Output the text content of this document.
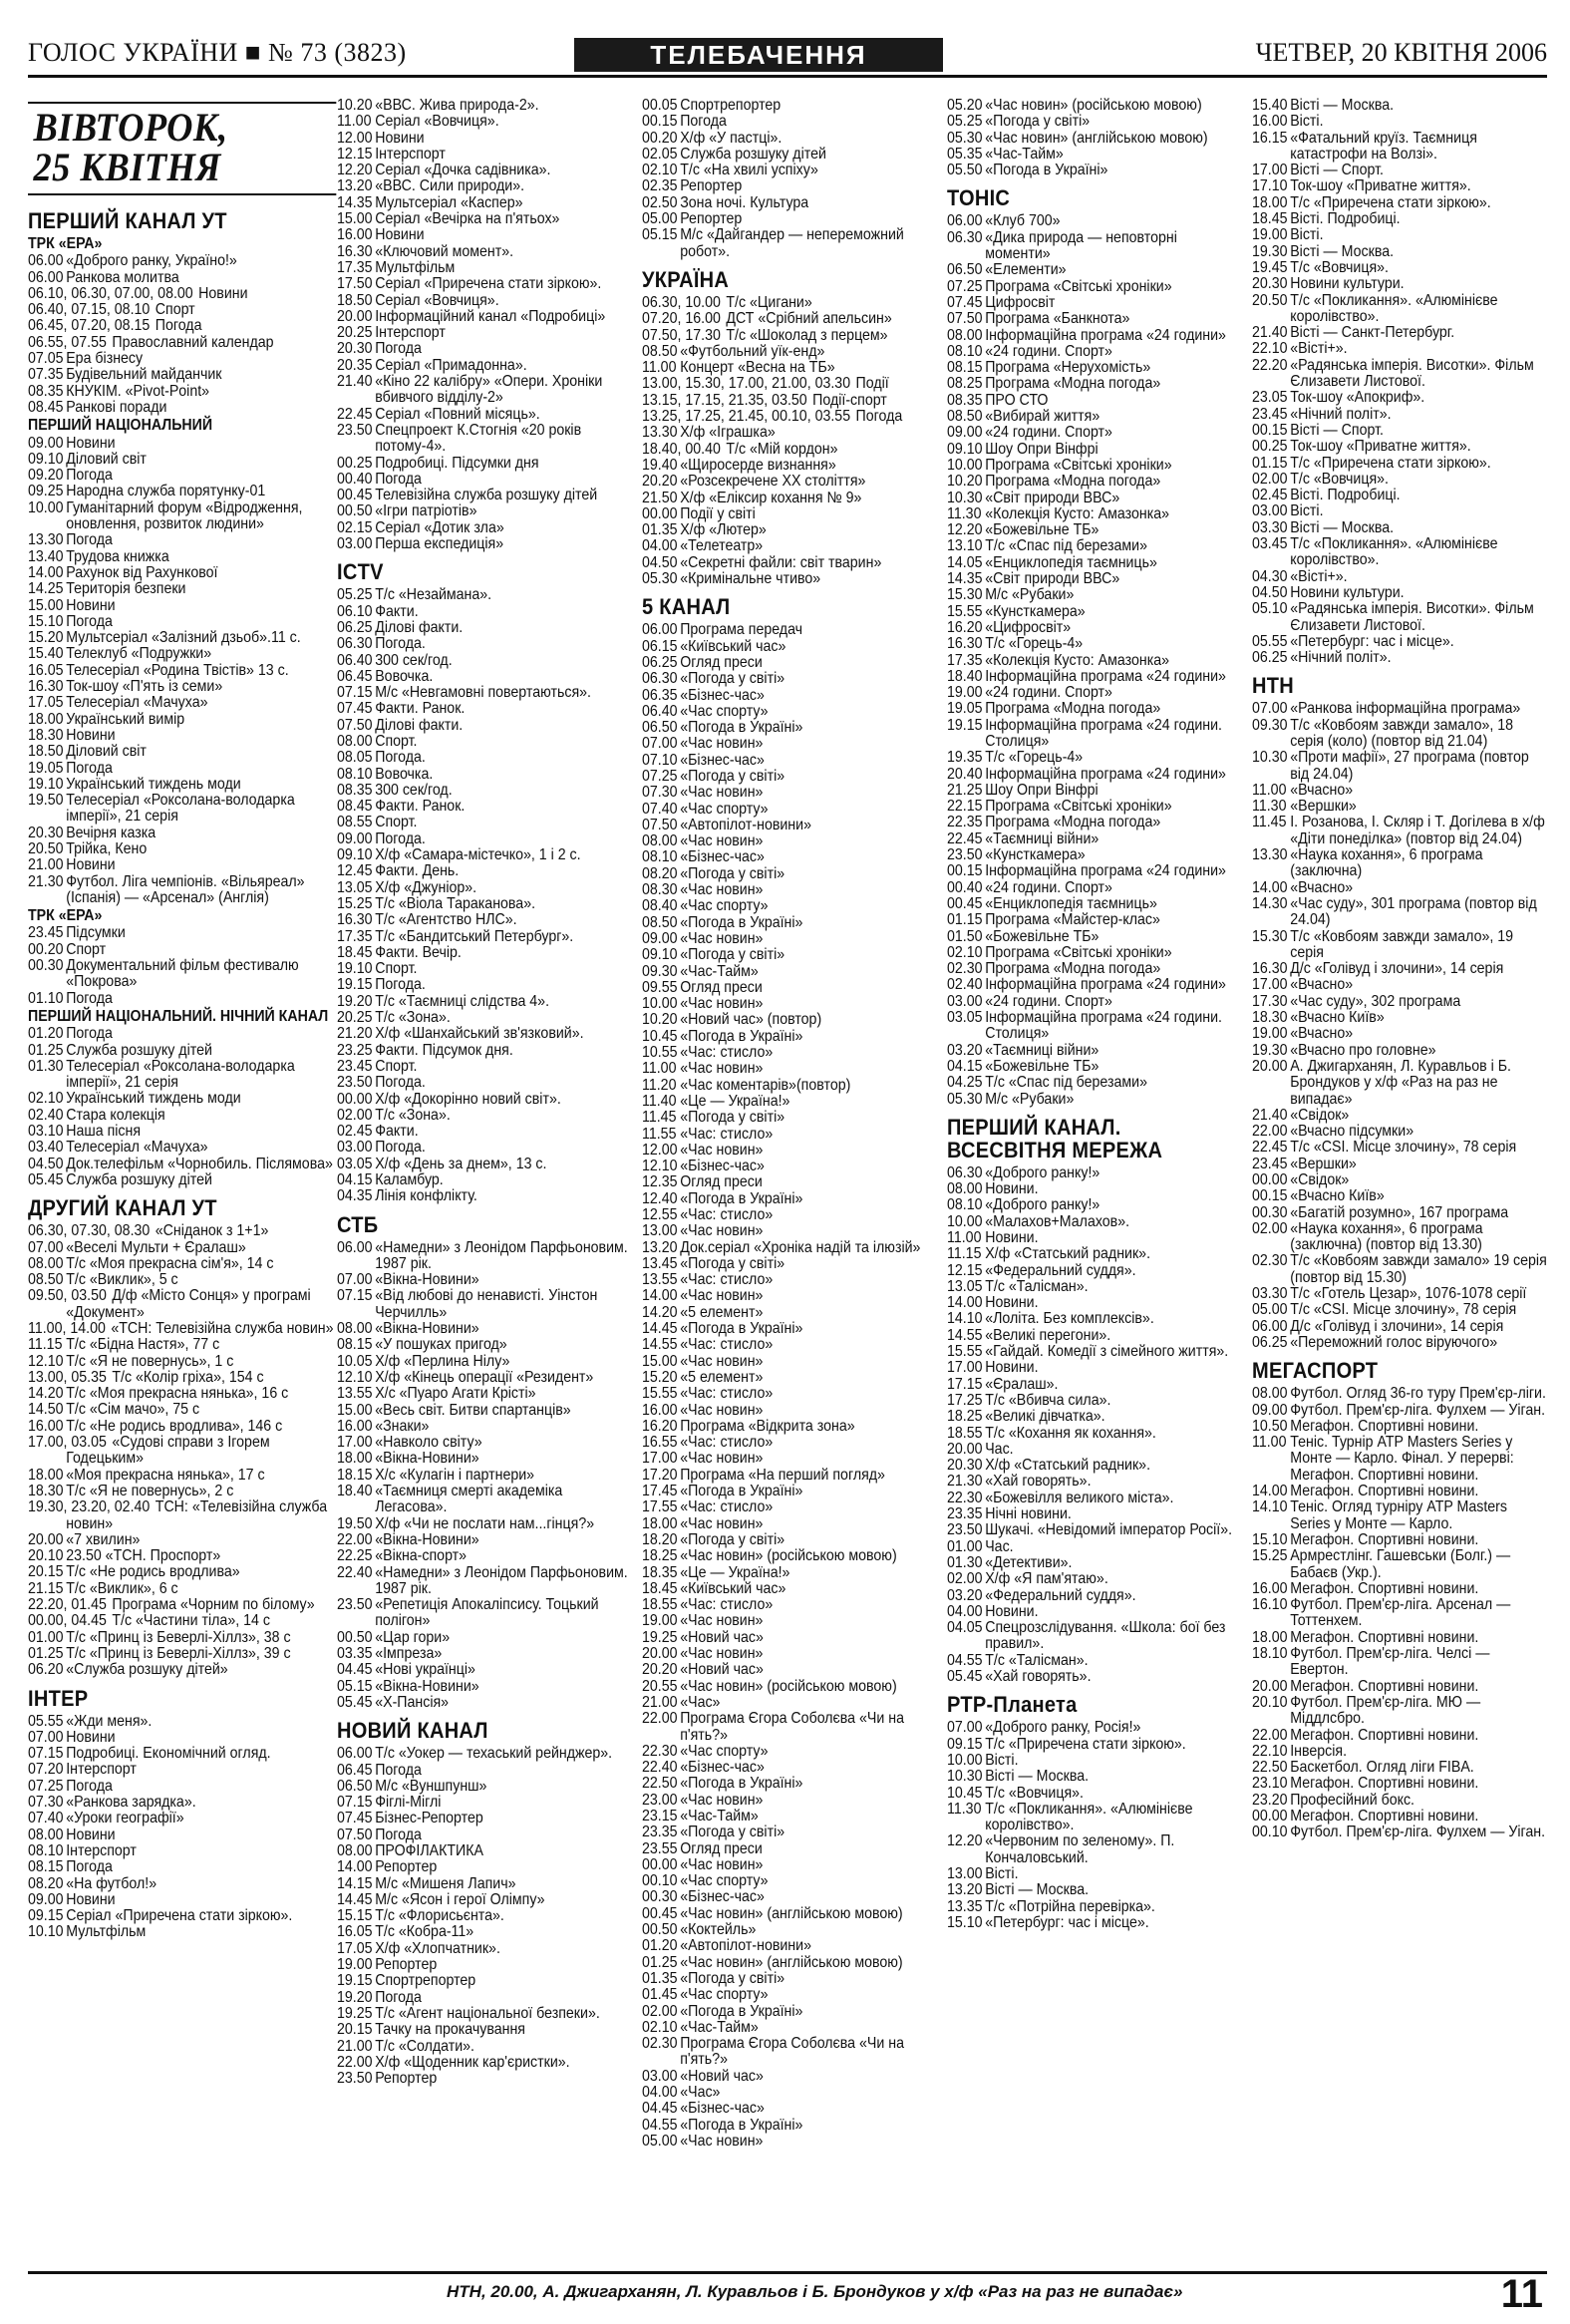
ГОЛОС УКРАЇНИ ■ № 73 (3823)	ТЕЛЕБАЧЕННЯ	ЧЕТВЕР, 20 КВІТНЯ 2006
ВІВТОРОК,
25 КВІТНЯ
ПЕРШИЙ КАНАЛ УТ
ТРК «ЕРА»
06.00 «Доброго ранку, Україно!»
06.00 Ранкова молитва
06.10, 06.30, 07.00, 08.00 Новини
06.40, 07.15, 08.10 Спорт
06.45, 07.20, 08.15 Погода
06.55, 07.55 Православний календар
07.05 Ера бізнесу
07.35 Будівельний майданчик
08.35 КНУКІМ. «Pivot-Point»
08.45 Ранкові поради
ПЕРШИЙ НАЦІОНАЛЬНИЙ
09.00 Новини
09.10 Діловий світ
09.20 Погода
09.25 Народна служба порятунку-01
10.00 Гуманітарний форум «Відродження, оновлення, розвиток людини»
13.30 Погода
13.40 Трудова книжка
14.00 Рахунок від Рахункової
14.25 Територія безпеки
15.00 Новини
15.10 Погода
15.20 Мультсеріал «Залізний дзьоб».11 с.
15.40 Телеклуб «Подружки»
16.05 Телесеріал «Родина Твістів» 13 с.
16.30 Ток-шоу «П'ять із семи»
17.05 Телесеріал «Мачуха»
18.00 Український вимір
18.30 Новини
18.50 Діловий світ
19.05 Погода
19.10 Український тиждень моди
19.50 Телесеріал «Роксолана-володарка імперії», 21 серія
20.30 Вечірня казка
20.50 Трійка, Кено
21.00 Новини
21.30 Футбол. Ліга чемпіонів. «Вільяреал» (Іспанія) — «Арсенал» (Англія)
ТРК «ЕРА»
23.45 Підсумки
00.20 Спорт
00.30 Документальний фільм фестивалю «Покрова»
01.10 Погода
ПЕРШИЙ НАЦІОНАЛЬНИЙ. НІЧНИЙ КАНАЛ
01.20 Погода
01.25 Служба розшуку дітей
01.30 Телесеріал «Роксолана-володарка імперії», 21 серія
02.10 Український тиждень моди
02.40 Стара колекція
03.10 Наша пісня
03.40 Телесеріал «Мачуха»
04.50 Док.телефільм «Чорнобиль. Післямова»
05.45 Служба розшуку дітей
ДРУГИЙ КАНАЛ УТ
06.30, 07.30, 08.30 «Сніданок з 1+1»
07.00 «Веселі Мульти + Єралаш»
08.00 Т/с «Моя прекрасна сім'я», 14 с
08.50 Т/с «Виклик», 5 с
09.50, 03.50 Д/ф «Місто Сонця» у програмі «Документ»
11.00, 14.00 «ТСН: Телевізійна служба новин»
11.15 Т/с «Бідна Настя», 77 с
12.10 Т/с «Я не повернусь», 1 с
13.00, 05.35 Т/с «Колір гріха», 154 с
14.20 Т/с «Моя прекрасна нянька», 16 с
14.50 Т/с «Сім мачо», 75 с
16.00 Т/с «Не родись вродлива», 146 с
17.00, 03.05 «Судові справи з Ігорем Годецьким»
18.00 «Моя прекрасна нянька», 17 с
18.30 Т/с «Я не повернусь», 2 с
19.30, 23.20, 02.40 ТСН: «Телевізійна служба новин»
20.00 «7 хвилин»
20.10 23.50 «ТСН. Проспорт»
20.15 Т/с «Не родись вродлива»
21.15 Т/с «Виклик», 6 с
22.20, 01.45 Програма «Чорним по білому»
00.00, 04.45 Т/с «Частини тіла», 14 с
01.00 Т/с «Принц із Беверлі-Хіллз», 38 с
01.25 Т/с «Принц із Беверлі-Хіллз», 39 с
06.20 «Служба розшуку дітей»
ІНТЕР
05.55 «Жди меня».
07.00 Новини
07.15 Подробиці. Економічний огляд.
07.20 Інтерспорт
07.25 Погода
07.30 «Ранкова зарядка».
07.40 «Уроки географії»
08.00 Новини
08.10 Інтерспорт
08.15 Погода
08.20 «На футбол!»
09.00 Новини
09.15 Серіал «Приречена стати зіркою».
10.10 Мультфільм
10.20 «ВВС. Жива природа-2».
11.00 Серіал «Вовчиця».
12.00 Новини
12.15 Інтерспорт
12.20 Серіал «Дочка садівника».
13.20 «ВВС. Сили природи».
14.35 Мультсеріал «Каспер»
15.00 Серіал «Вечірка на п'ятьох»
16.00 Новини
16.30 «Ключовий момент».
17.35 Мультфільм
17.50 Серіал «Приречена стати зіркою».
18.50 Серіал «Вовчиця».
20.00 Інформаційний канал «Подробиці»
20.25 Інтерспорт
20.30 Погода
20.35 Серіал «Примадонна».
21.40 «Кіно 22 калібру» «Опери. Хроніки вбивчого відділу-2»
22.45 Серіал «Повний місяць».
23.50 Спецпроект К.Стогнія «20 років потому-4».
00.25 Подробиці. Підсумки дня
00.40 Погода
00.45 Телевізійна служба розшуку дітей
00.50 «Ігри патріотів»
02.15 Серіал «Дотик зла»
03.00 Перша експедиція»
ICTV
05.25 Т/с «Незаймана».
06.10 Факти.
06.25 Ділові факти.
06.30 Погода.
06.40 300 сек/год.
06.45 Вовочка.
07.15 М/с «Невгамовні повертаються».
07.45 Факти. Ранок.
07.50 Ділові факти.
08.00 Спорт.
08.05 Погода.
08.10 Вовочка.
08.35 300 сек/год.
08.45 Факти. Ранок.
08.55 Спорт.
09.00 Погода.
09.10 Х/ф «Самара-містечко», 1 і 2 с.
12.45 Факти. День.
13.05 Х/ф «Джуніор».
15.25 Т/с «Віола Тараканова».
16.30 Т/с «Агентство НЛС».
17.35 Т/с «Бандитський Петербург».
18.45 Факти. Вечір.
19.10 Спорт.
19.15 Погода.
19.20 Т/с «Таємниці слідства 4».
20.25 Т/с «Зона».
21.20 Х/ф «Шанхайський зв'язковий».
23.25 Факти. Підсумок дня.
23.45 Спорт.
23.50 Погода.
00.00 Х/ф «Докорінно новий світ».
02.00 Т/с «Зона».
02.45 Факти.
03.00 Погода.
03.05 Х/ф «День за днем», 13 с.
04.15 Каламбур.
04.35 Лінія конфлікту.
СТБ
06.00 «Намедни» з Леонідом Парфьоновим. 1987 рік.
07.00 «Вікна-Новини»
07.15 «Від любові до ненависті. Уінстон Черчилль»
08.00 «Вікна-Новини»
08.15 «У пошуках пригод»
10.05 Х/ф «Перлина Нілу»
12.10 Х/ф «Кінець операції «Резидент»
13.55 Х/с «Пуаро Агати Крісті»
15.00 «Весь світ. Битви спартанців»
16.00 «Знаки»
17.00 «Навколо світу»
18.00 «Вікна-Новини»
18.15 Х/с «Кулагін і партнери»
18.40 «Таємниця смерті академіка Легасова».
19.50 Х/ф «Чи не послати нам...гінця?»
22.00 «Вікна-Новини»
22.25 «Вікна-спорт»
22.40 «Намедни» з Леонідом Парфьоновим. 1987 рік.
23.50 «Репетиція Апокаліпсису. Тоцький полігон»
00.50 «Цар гори»
03.35 «Імпреза»
04.45 «Нові українці»
05.15 «Вікна-Новини»
05.45 «Х-Пансія»
НОВИЙ КАНАЛ
06.00 Т/с «Уокер — техаський рейнджер».
06.45 Погода
06.50 М/с «Вуншпунш»
07.15 Фіглі-Міглі
07.45 Бізнес-Репортер
07.50 Погода
08.00 ПРОФІЛАКТИКА
14.00 Репортер
14.15 М/с «Мишеня Лапич»
14.45 М/с «Ясон і герої Олімпу»
15.15 Т/с «Флорисьєнта».
16.05 Т/с «Кобра-11»
17.05 Х/ф «Хлопчатник».
19.00 Репортер
19.15 Спортрепортер
19.20 Погода
19.25 Т/с «Агент національної безпеки».
20.15 Тачку на прокачування
21.00 Т/с «Солдати».
22.00 Х/ф «Щоденник кар'єристки».
23.50 Репортер
00.05 Спортрепортер
00.15 Погода
00.20 Х/ф «У пастці».
02.05 Служба розшуку дітей
02.10 Т/с «На хвилі успіху»
02.35 Репортер
02.50 Зона ночі. Культура
05.00 Репортер
05.15 М/с «Дайгандер — непереможний робот».
УКРАЇНА
06.30, 10.00 Т/с «Цигани»
07.20, 16.00 ДСТ «Срібний апельсин»
07.50, 17.30 Т/с «Шоколад з перцем»
08.50 «Футбольний уїк-енд»
11.00 Концерт «Весна на ТБ»
13.00, 15.30, 17.00, 21.00, 03.30 Події
13.15, 17.15, 21.35, 03.50 Події-спорт
13.25, 17.25, 21.45, 00.10, 03.55 Погода
13.30 Х/ф «Іграшка»
18.40, 00.40 Т/с «Мій кордон»
19.40 «Щиросерде визнання»
20.20 «Розсекречене XX століття»
21.50 Х/ф «Еліксир кохання № 9»
00.00 Події у світі
01.35 Х/ф «Лютер»
04.00 «Телетеатр»
04.50 «Секретні файли: світ тварин»
05.30 «Кримінальне чтиво»
5 КАНАЛ
06.00 Програма передач
06.15 «Київський час»
06.25 Огляд преси
06.30 «Погода у світі»
06.35 «Бізнес-час»
06.40 «Час спорту»
06.50 «Погода в Україні»
07.00 «Час новин»
07.10 «Бізнес-час»
07.25 «Погода у світі»
07.30 «Час новин»
07.40 «Час спорту»
07.50 «Автопілот-новини»
08.00 «Час новин»
08.10 «Бізнес-час»
08.20 «Погода у світі»
08.30 «Час новин»
08.40 «Час спорту»
08.50 «Погода в Україні»
09.00 «Час новин»
09.10 «Погода у світі»
09.30 «Час-Тайм»
09.55 Огляд преси
10.00 «Час новин»
10.20 «Новий час» (повтор)
10.45 «Погода в Україні»
10.55 «Час: стисло»
11.00 «Час новин»
11.20 «Час коментарів»(повтор)
11.40 «Це — Україна!»
11.45 «Погода у світі»
11.55 «Час: стисло»
12.00 «Час новин»
12.10 «Бізнес-час»
12.35 Огляд преси
12.40 «Погода в Україні»
12.55 «Час: стисло»
13.00 «Час новин»
13.20 Док.серіал «Хроніка надій та ілюзій»
13.45 «Погода у світі»
13.55 «Час: стисло»
14.00 «Час новин»
14.20 «5 елемент»
14.45 «Погода в Україні»
14.55 «Час: стисло»
15.00 «Час новин»
15.20 «5 елемент»
15.55 «Час: стисло»
16.00 «Час новин»
16.20 Програма «Відкрита зона»
16.55 «Час: стисло»
17.00 «Час новин»
17.20 Програма «На перший погляд»
17.45 «Погода в Україні»
17.55 «Час: стисло»
18.00 «Час новин»
18.20 «Погода у світі»
18.25 «Час новин» (російською мовою)
18.35 «Це — Україна!»
18.45 «Київський час»
18.55 «Час: стисло»
19.00 «Час новин»
19.25 «Новий час»
20.00 «Час новин»
20.20 «Новий час»
20.55 «Час новин» (російською мовою)
21.00 «Час»
22.00 Програма Єгора Соболєва «Чи на п'ять?»
22.30 «Час спорту»
22.40 «Бізнес-час»
22.50 «Погода в Україні»
23.00 «Час новин»
23.15 «Час-Тайм»
23.35 «Погода у світі»
23.55 Огляд преси
00.00 «Час новин»
00.10 «Час спорту»
00.30 «Бізнес-час»
00.45 «Час новин» (англійською мовою)
00.50 «Коктейль»
01.20 «Автопілот-новини»
01.25 «Час новин» (англійською мовою)
01.35 «Погода у світі»
01.45 «Час спорту»
02.00 «Погода в Україні»
02.10 «Час-Тайм»
02.30 Програма Єгора Соболєва «Чи на п'ять?»
03.00 «Новий час»
04.00 «Час»
04.45 «Бізнес-час»
04.55 «Погода в Україні»
05.00 «Час новин»
05.20 «Час новин» (російською мовою)
05.25 «Погода у світі»
05.30 «Час новин» (англійською мовою)
05.35 «Час-Тайм»
05.50 «Погода в Україні»
ТОНІС
06.00 «Клуб 700»
06.30 «Дика природа — неповторні моменти»
06.50 «Елементи»
07.25 Програма «Світські хроніки»
07.45 Цифросвіт
07.50 Програма «Банкнота»
08.00 Інформаційна програма «24 години»
08.10 «24 години. Спорт»
08.15 Програма «Нерухомість»
08.25 Програма «Модна погода»
08.35 ПРО СТО
08.50 «Вибирай життя»
09.00 «24 години. Спорт»
09.10 Шоу Опри Вінфрі
10.00 Програма «Світські хроніки»
10.20 Програма «Модна погода»
10.30 «Світ природи ВВС»
11.30 «Колекція Кусто: Амазонка»
12.20 «Божевільне ТБ»
13.10 Т/с «Спас під березами»
14.05 «Енциклопедія таємниць»
14.35 «Світ природи ВВС»
15.30 М/с «Рубаки»
15.55 «Кунсткамера»
16.20 «Цифросвіт»
16.30 Т/с «Горець-4»
17.35 «Колекція Кусто: Амазонка»
18.40 Інформаційна програма «24 години»
19.00 «24 години. Спорт»
19.05 Програма «Модна погода»
19.15 Інформаційна програма «24 години. Столиця»
19.35 Т/с «Горець-4»
20.40 Інформаційна програма «24 години»
21.25 Шоу Опри Вінфрі
22.15 Програма «Світські хроніки»
22.35 Програма «Модна погода»
22.45 «Таємниці війни»
23.50 «Кунсткамера»
00.15 Інформаційна програма «24 години»
00.40 «24 години. Спорт»
00.45 «Енциклопедія таємниць»
01.15 Програма «Майстер-клас»
01.50 «Божевільне ТБ»
02.10 Програма «Світські хроніки»
02.30 Програма «Модна погода»
02.40 Інформаційна програма «24 години»
03.00 «24 години. Спорт»
03.05 Інформаційна програма «24 години. Столиця»
03.20 «Таємниці війни»
04.15 «Божевільне ТБ»
04.25 Т/с «Спас під березами»
05.30 М/с «Рубаки»
ПЕРШИЙ КАНАЛ. ВСЕСВІТНЯ МЕРЕЖА
06.30 «Доброго ранку!»
08.00 Новини.
08.10 «Доброго ранку!»
10.00 «Малахов+Малахов».
11.00 Новини.
11.15 Х/ф «Статський радник».
12.15 «Федеральний суддя».
13.05 Т/с «Талісман».
14.00 Новини.
14.10 «Лоліта. Без комплексів».
14.55 «Великі перегони».
15.55 «Гайдай. Комедії з сімейного життя».
17.00 Новини.
17.15 «Єралаш».
17.25 Т/с «Вбивча сила».
18.25 «Великі дівчатка».
18.55 Т/с «Кохання як кохання».
20.00 Час.
20.30 Х/ф «Статський радник».
21.30 «Хай говорять».
22.30 «Божевілля великого міста».
23.35 Нічні новини.
23.50 Шукачі. «Невідомий імператор Росії».
01.00 Час.
01.30 «Детективи».
02.00 Х/ф «Я пам'ятаю».
03.20 «Федеральний суддя».
04.00 Новини.
04.05 Спецрозслідування. «Школа: бої без правил».
04.55 Т/с «Талісман».
05.45 «Хай говорять».
РТР-Планета
07.00 «Доброго ранку, Росія!»
09.15 Т/с «Приречена стати зіркою».
10.00 Вісті.
10.30 Вісті — Москва.
10.45 Т/с «Вовчиця».
11.30 Т/с «Покликання». «Алюмінієве королівство».
12.20 «Червоним по зеленому». П. Кончаловський.
13.00 Вісті.
13.20 Вісті — Москва.
13.35 Т/с «Потрійна перевірка».
15.10 «Петербург: час і місце».
15.40 Вісті — Москва.
16.00 Вісті.
16.15 «Фатальний круїз. Таємниця катастрофи на Волзі».
17.00 Вісті — Спорт.
17.10 Ток-шоу «Приватне життя».
18.00 Т/с «Приречена стати зіркою».
18.45 Вісті. Подробиці.
19.00 Вісті.
19.30 Вісті — Москва.
19.45 Т/с «Вовчиця».
20.30 Новини культури.
20.50 Т/с «Покликання». «Алюмінієве королівство».
21.40 Вісті — Санкт-Петербург.
22.10 «Вісті+».
22.20 «Радянська імперія. Висотки». Фільм Єлизавети Листової.
23.05 Ток-шоу «Апокриф».
23.45 «Нічний політ».
00.15 Вісті — Спорт.
00.25 Ток-шоу «Приватне життя».
01.15 Т/с «Приречена стати зіркою».
02.00 Т/с «Вовчиця».
02.45 Вісті. Подробиці.
03.00 Вісті.
03.30 Вісті — Москва.
03.45 Т/с «Покликання». «Алюмінієве королівство».
04.30 «Вісті+».
04.50 Новини культури.
05.10 «Радянська імперія. Висотки». Фільм Єлизавети Листової.
05.55 «Петербург: час і місце».
06.25 «Нічний політ».
НТН
07.00 «Ранкова інформаційна програма»
09.30 Т/с «Ковбоям завжди замало», 18 серія (коло) (повтор від 21.04)
10.30 «Проти мафії», 27 програма (повтор від 24.04)
11.00 «Вчасно»
11.30 «Вершки»
11.45 І. Розанова, І. Скляр і Т. Догілева в х/ф «Діти понеділка» (повтор від 24.04)
13.30 «Наука кохання», 6 програма (заключна)
14.00 «Вчасно»
14.30 «Час суду», 301 програма (повтор від 24.04)
15.30 Т/с «Ковбоям завжди замало», 19 серія
16.30 Д/с «Голівуд і злочини», 14 серія
17.00 «Вчасно»
17.30 «Час суду», 302 програма
18.30 «Вчасно Київ»
19.00 «Вчасно»
19.30 «Вчасно про головне»
20.00 А. Джигарханян, Л. Куравльов і Б. Брондуков у х/ф «Раз на раз не випадає»
21.40 «Свідок»
22.00 «Вчасно підсумки»
22.45 Т/с «CSI. Місце злочину», 78 серія
23.45 «Вершки»
00.00 «Свідок»
00.15 «Вчасно Київ»
00.30 «Багатій розумно», 167 програма
02.00 «Наука кохання», 6 програма (заключна) (повтор від 13.30)
02.30 Т/с «Ковбоям завжди замало» 19 серія (повтор від 15.30)
03.30 Т/с «Готель Цезар», 1076-1078 серії
05.00 Т/с «CSI. Місце злочину», 78 серія
06.00 Д/с «Голівуд і злочини», 14 серія
06.25 «Переможний голос віруючого»
МЕГАСПОРТ
08.00 Футбол. Огляд 36-го туру Прем'єр-ліги.
09.00 Футбол. Прем'єр-ліга. Фулхем — Уіган.
10.50 Мегафон. Спортивні новини.
11.00 Теніс. Турнір ATP Masters Series у Монте — Карло. Фінал. У перерві: Мегафон. Спортивні новини.
14.00 Мегафон. Спортивні новини.
14.10 Теніс. Огляд турніру ATP Masters Series у Монте — Карло.
15.10 Мегафон. Спортивні новини.
15.25 Армрестлінг. Гашевськи (Болг.) — Бабаєв (Укр.).
16.00 Мегафон. Спортивні новини.
16.10 Футбол. Прем'єр-ліга. Арсенал — Тоттенхем.
18.00 Мегафон. Спортивні новини.
18.10 Футбол. Прем'єр-ліга. Челсі — Евертон.
20.00 Мегафон. Спортивні новини.
20.10 Футбол. Прем'єр-ліга. МЮ — Міддлсбро.
22.00 Мегафон. Спортивні новини.
22.10 Інверсія.
22.50 Баскетбол. Огляд ліги FIBA.
23.10 Мегафон. Спортивні новини.
23.20 Професійний бокс.
00.00 Мегафон. Спортивні новини.
00.10 Футбол. Прем'єр-ліга. Фулхем — Уіган.
НТН, 20.00, А. Джигарханян, Л. Куравльов і Б. Брондуков у х/ф «Раз на раз не випадає»	11
